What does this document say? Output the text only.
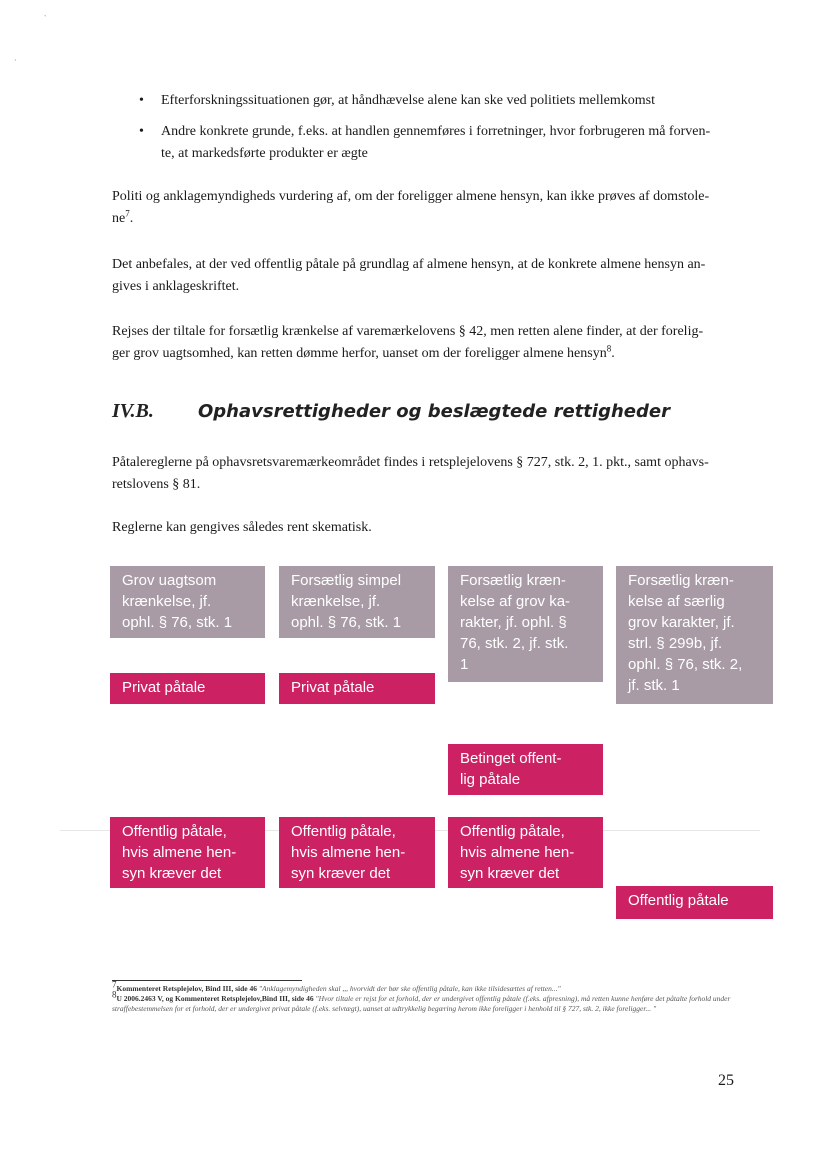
ˋ
·
• Efterforskningssituationen gør, at håndhævelse alene kan ske ved politiets mellemkomst
• Andre konkrete grunde, f.eks. at handlen gennemføres i forretninger, hvor forbrugeren må forven-
te, at markedsførte produkter er ægte

Politi og anklagemyndigheds vurdering af, om der foreligger almene hensyn, kan ikke prøves af domstole-
$ne^7$.

Det anbefales, at der ved offentlig påtale på grundlag af almene hensyn, at de konkrete almene hensyn an-
gives i anklageskriftet.

Rejses der tiltale for forsætlig krænkelse af varemærkelovens § 42, men retten alene finder, at der forelig-
ger grov uagtsomhed, kan retten dømme herfor, uanset om der foreligger almene hensyn$^8$.

IV.B. Ophavsrettigheder og beslægtede rettigheder

Påtalereglerne på ophavsretsvaremærkeområdet findes i retsplejelovens § 727, stk. 2, 1. pkt., samt ophavs-
retslovens § 81.

Reglerne kan gengives således rent skematisk.

Grov uagtsom
krænkelse, jf.
ophl. § 76, stk. 1
Forsætlig simpel
krænkelse, jf.
ophl. § 76, stk. 1
Forsætlig kræn-
kelse af grov ka-
rakter, jf. ophl. §
76, stk. 2, jf. stk.
1
Forsætlig kræn-
kelse af særlig
grov karakter, jf.
strl. § 299b, jf.
ophl. § 76, stk. 2,
jf. stk. 1
Privat påtale	Privat påtale
Betinget offent-
lig påtale
Offentlig påtale,
hvis almene hen-
syn kræver det
Offentlig påtale,
hvis almene hen-
syn kræver det
Offentlig påtale,
hvis almene hen-
syn kræver det
Offentlig påtale

$^7$Kommenteret Retsplejelov, Bind III, side 46 "Anklagemyndigheden skal ,,, hvorvidt der bør ske offentlig påtale, kan ikke tilsidesættes af retten..."

$^8$U 2006.2463 V, og Kommenteret Retsplejelov,Bind III, side 46 "Hvor tiltale er rejst for et forhold, der er undergivet offentlig påtale (f.eks. afpresning), må retten kunne henføre det påtalte forhold under straffebestemmelsen for et forhold, der er undergivet privat påtale (f.eks. selvtægt), uanset at udtrykkelig begæring herom ikke foreligger i henhold til § 727, stk. 2, ikke foreligger... "

25
